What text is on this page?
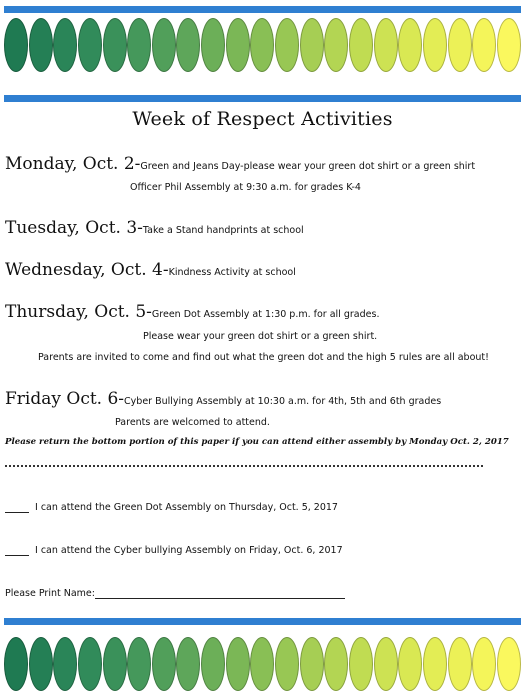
Week of Respect Activities
Monday, Oct. 2-Green and Jeans Day-please wear your green dot shirt or a green shirt
Officer Phil Assembly at 9:30 a.m. for grades K-4
Tuesday, Oct. 3-Take a Stand handprints at school
Wednesday, Oct. 4-Kindness Activity at school
Thursday, Oct. 5-Green Dot Assembly at 1:30 p.m. for all grades.
Please wear your green dot shirt or a green shirt.
Parents are invited to come and find out what the green dot and the high 5 rules are all about!
Friday Oct. 6-Cyber Bullying Assembly at 10:30 a.m. for 4th, 5th and 6th grades
Parents are welcomed to attend.
Please return the bottom portion of this paper if you can attend either assembly by Monday Oct. 2, 2017
I can attend the Green Dot Assembly on Thursday, Oct. 5, 2017
I can attend the Cyber bullying Assembly on Friday, Oct. 6, 2017
Please Print Name:
